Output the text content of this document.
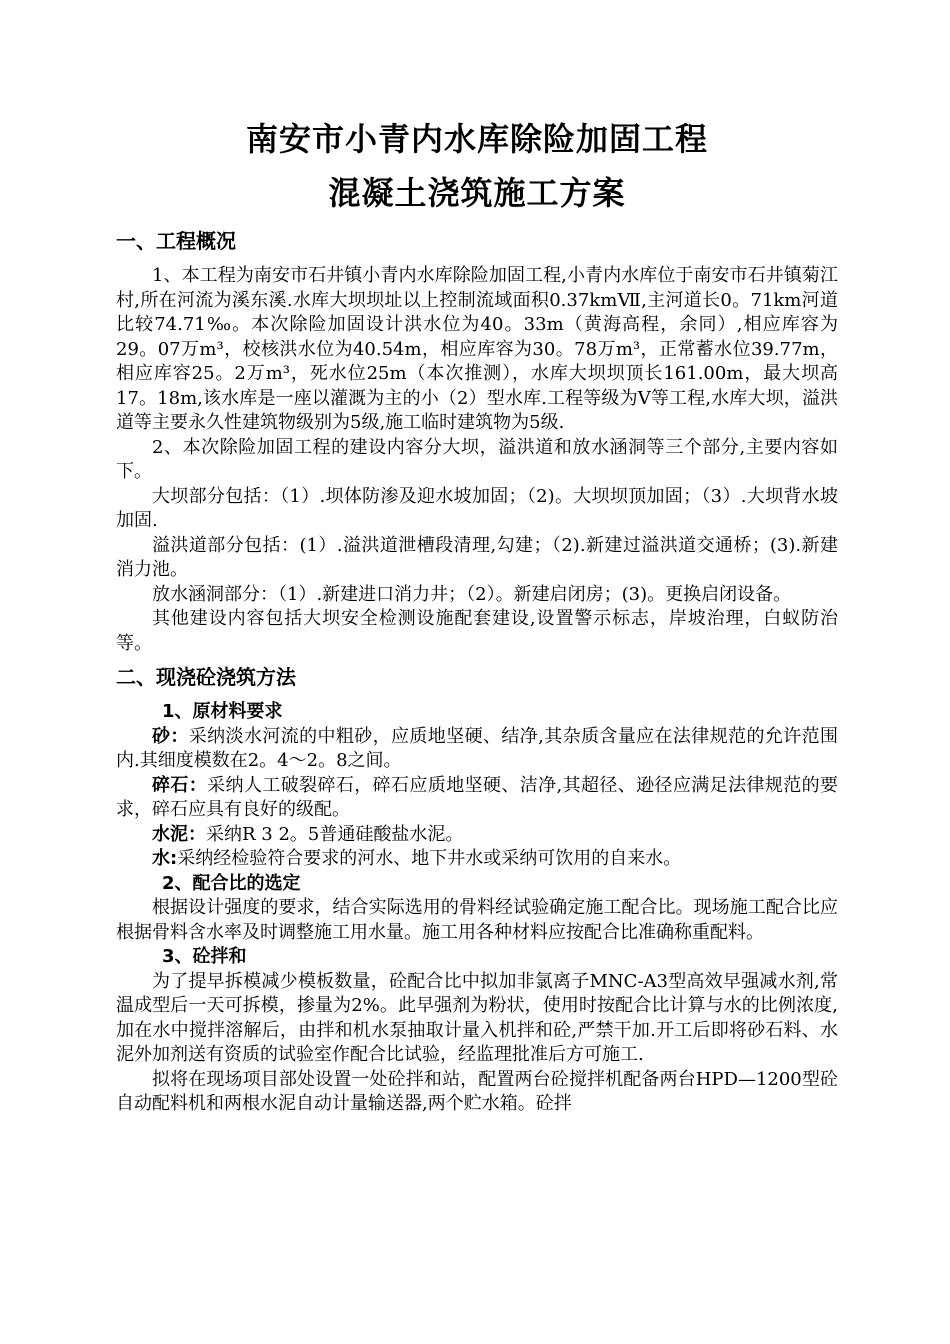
南安市小青内水库除险加固工程
混凝土浇筑施工方案
一、工程概况

1、本工程为南安市石井镇小青内水库除险加固工程,小青内水库位于南安市石井镇菊江村,所在河流为溪东溪.水库大坝坝址以上控制流域面积0.37kmⅦ,主河道长0。71km河道比较74.71‰。本次除险加固设计洪水位为40。33m（黄海高程，余同）,相应库容为29。07万m³，校核洪水位为40.54m，相应库容为30。78万m³，正常蓄水位39.77m，相应库容25。2万m³，死水位25m（本次推测），水库大坝坝顶长161.00m，最大坝高17。18m,该水库是一座以灌溉为主的小（2）型水库.工程等级为Ⅴ等工程,水库大坝，溢洪道等主要永久性建筑物级别为5级,施工临时建筑物为5级.

2、本次除险加固工程的建设内容分大坝，溢洪道和放水涵洞等三个部分,主要内容如下。

大坝部分包括：（1）.坝体防渗及迎水坡加固；（2)。大坝坝顶加固；（3）.大坝背水坡加固.

溢洪道部分包括：(1）.溢洪道泄槽段清理,勾建；（2).新建过溢洪道交通桥；(3).新建消力池。

放水涵洞部分：（1）.新建进口消力井；（2）。新建启闭房；(3)。更换启闭设备。

其他建设内容包括大坝安全检测设施配套建设,设置警示标志，岸坡治理，白蚁防治等。

二、现浇砼浇筑方法
1、原材料要求

砂：采纳淡水河流的中粗砂，应质地坚硬、结净,其杂质含量应在法律规范的允许范围内.其细度模数在2。4～2。8之间。

碎石：采纳人工破裂碎石，碎石应质地坚硬、洁净,其超径、逊径应满足法律规范的要求，碎石应具有良好的级配。

水泥：采纳R 3 2。5普通硅酸盐水泥。

水:采纳经检验符合要求的河水、地下井水或采纳可饮用的自来水。

2、配合比的选定

根据设计强度的要求，结合实际选用的骨料经试验确定施工配合比。现场施工配合比应根据骨料含水率及时调整施工用水量。施工用各种材料应按配合比准确称重配料。

3、砼拌和

为了提早拆模减少模板数量，砼配合比中拟加非氯离子MNC-A3型高效早强减水剂,常温成型后一天可拆模，掺量为2%。此早强剂为粉状，使用时按配合比计算与水的比例浓度,加在水中搅拌溶解后，由拌和机水泵抽取计量入机拌和砼,严禁干加.开工后即将砂石料、水泥外加剂送有资质的试验室作配合比试验，经监理批准后方可施工.

拟将在现场项目部处设置一处砼拌和站，配置两台砼搅拌机配备两台HPD—1200型砼自动配料机和两根水泥自动计量输送器,两个贮水箱。砼拌
